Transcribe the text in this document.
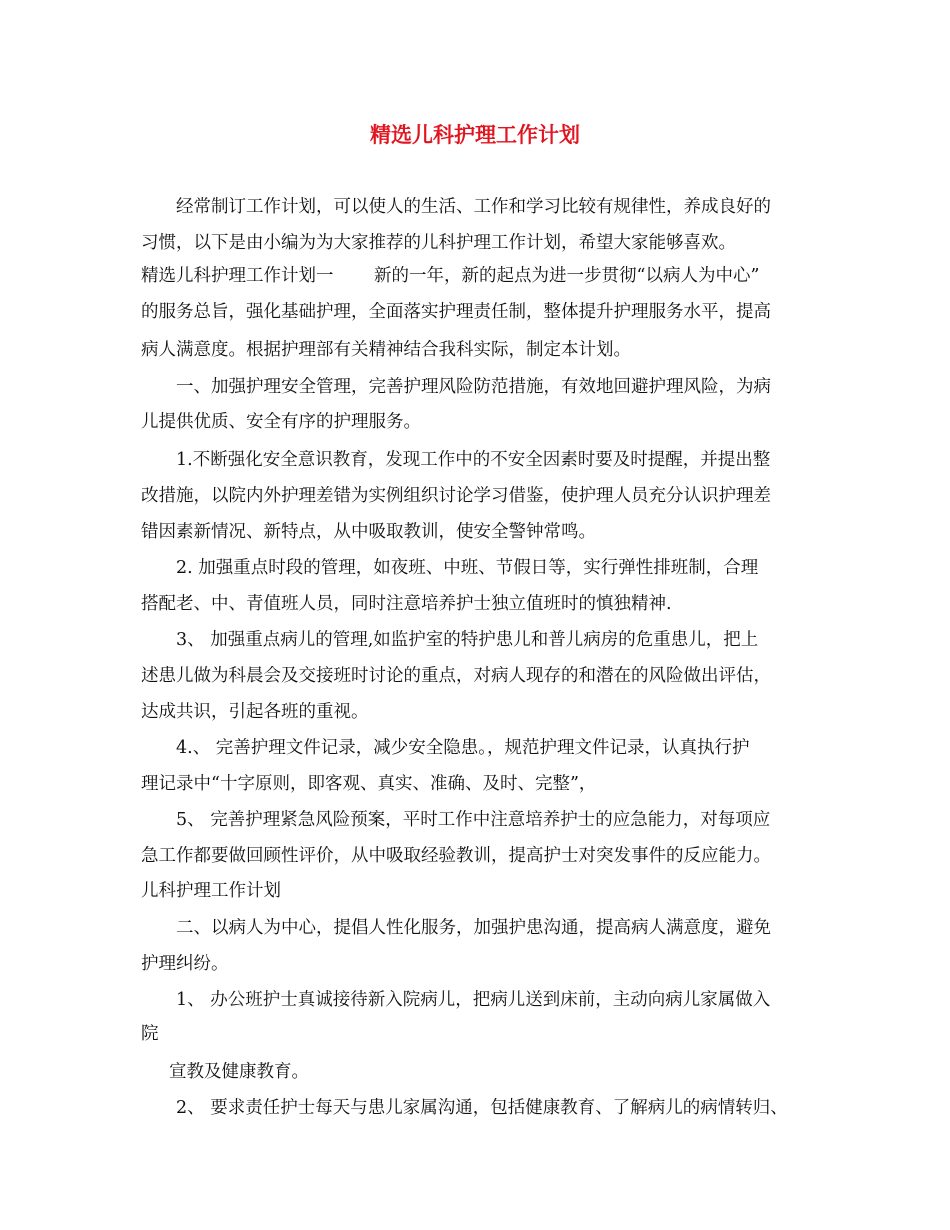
精选儿科护理工作计划

经常制订工作计划，可以使人的生活、工作和学习比较有规律性，养成良好的

习惯，以下是由小编为为大家推荐的儿科护理工作计划，希望大家能够喜欢。

精选儿科护理工作计划一　　 新的一年，新的起点为进一步贯彻“以病人为中心”

的服务总旨，强化基础护理，全面落实护理责任制，整体提升护理服务水平，提高

病人满意度。根据护理部有关精神结合我科实际，制定本计划。

一、加强护理安全管理，完善护理风险防范措施，有效地回避护理风险，为病

儿提供优质、安全有序的护理服务。

1.不断强化安全意识教育，发现工作中的不安全因素时要及时提醒，并提出整

改措施，以院内外护理差错为实例组织讨论学习借鉴，使护理人员充分认识护理差

错因素新情况、新特点，从中吸取教训，使安全警钟常鸣。

2. 加强重点时段的管理，如夜班、中班、节假日等，实行弹性排班制，合理

搭配老、中、青值班人员，同时注意培养护士独立值班时的慎独精神.

3、 加强重点病儿的管理,如监护室的特护患儿和普儿病房的危重患儿，把上

述患儿做为科晨会及交接班时讨论的重点，对病人现存的和潜在的风险做出评估，

达成共识，引起各班的重视。

4.、 完善护理文件记录，减少安全隐患。，规范护理文件记录，认真执行护

理记录中“十字原则，即客观、真实、准确、及时、完整”，

5、 完善护理紧急风险预案，平时工作中注意培养护士的应急能力，对每项应

急工作都要做回顾性评价，从中吸取经验教训，提高护士对突发事件的反应能力。

儿科护理工作计划

二、以病人为中心，提倡人性化服务，加强护患沟通，提高病人满意度，避免

护理纠纷。

1、 办公班护士真诚接待新入院病儿，把病儿送到床前，主动向病儿家属做入

院

宣教及健康教育。

2、 要求责任护士每天与患儿家属沟通，包括健康教育、了解病儿的病情转归、
